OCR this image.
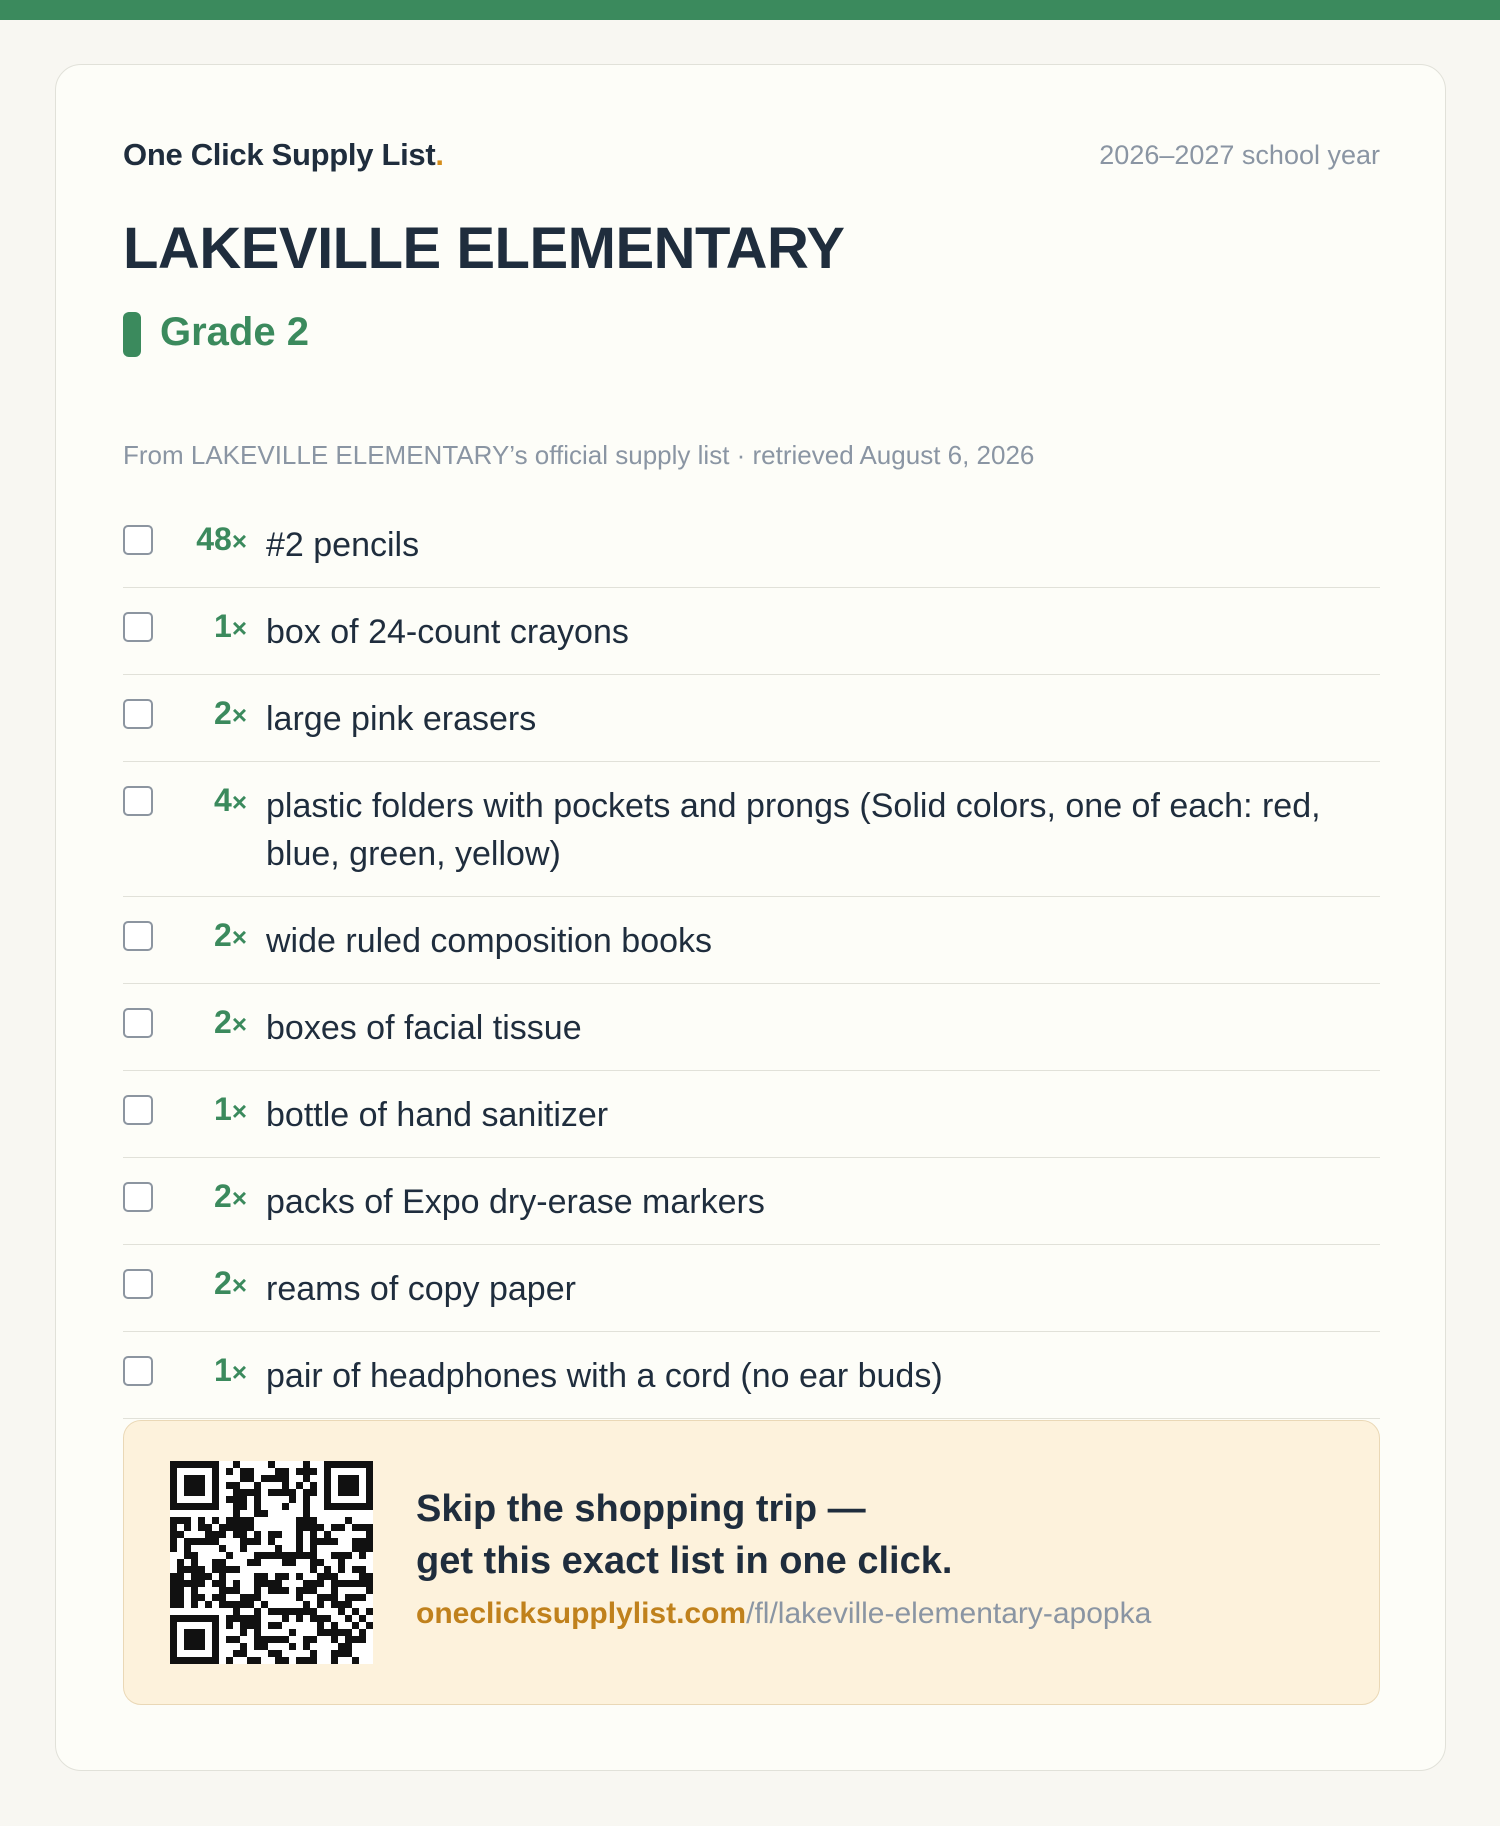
One Click Supply List.	2026–2027 school year
LAKEVILLE ELEMENTARY
Grade 2
From LAKEVILLE ELEMENTARY’s official supply list · retrieved August 6, 2026
48× #2 pencils
1× box of 24-count crayons
2× large pink erasers
4× plastic folders with pockets and prongs (Solid colors, one of each: red, blue, green, yellow)
2× wide ruled composition books
2× boxes of facial tissue
1× bottle of hand sanitizer
2× packs of Expo dry-erase markers
2× reams of copy paper
1× pair of headphones with a cord (no ear buds)
Skip the shopping trip —
get this exact list in one click.
oneclicksupplylist.com/fl/lakeville-elementary-apopka
